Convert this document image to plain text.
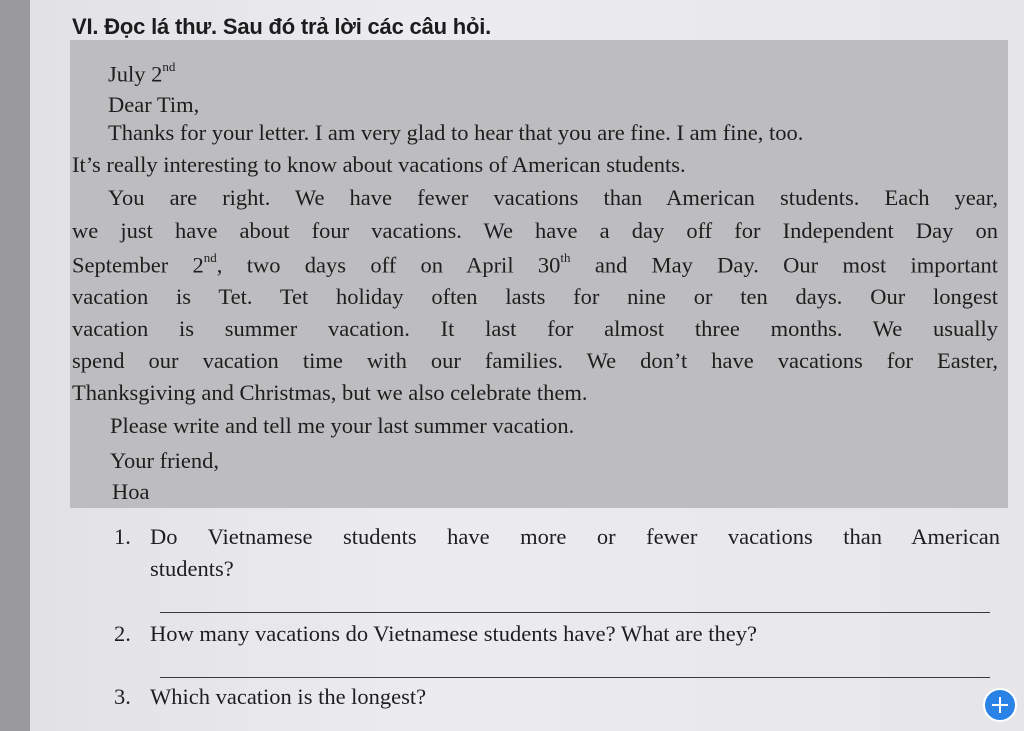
VI. Đọc lá thư. Sau đó trả lời các câu hỏi.
July 2nd
Dear Tim,
Thanks for your letter. I am very glad to hear that you are fine. I am fine, too.
It’s really interesting to know about vacations of American students.
You are right. We have fewer vacations than American students. Each year,
we just have about four vacations. We have a day off for Independent Day on
September 2nd, two days off on April 30th and May Day. Our most important
vacation is Tet. Tet holiday often lasts for nine or ten days. Our longest
vacation is summer vacation. It last for almost three months. We usually
spend our vacation time with our families. We don’t have vacations for Easter,
Thanksgiving and Christmas, but we also celebrate them.
Please write and tell me your last summer vacation.
Your friend,
Hoa
1. Do Vietnamese students have more or fewer vacations than American
students?
2. How many vacations do Vietnamese students have? What are they?
3. Which vacation is the longest?
